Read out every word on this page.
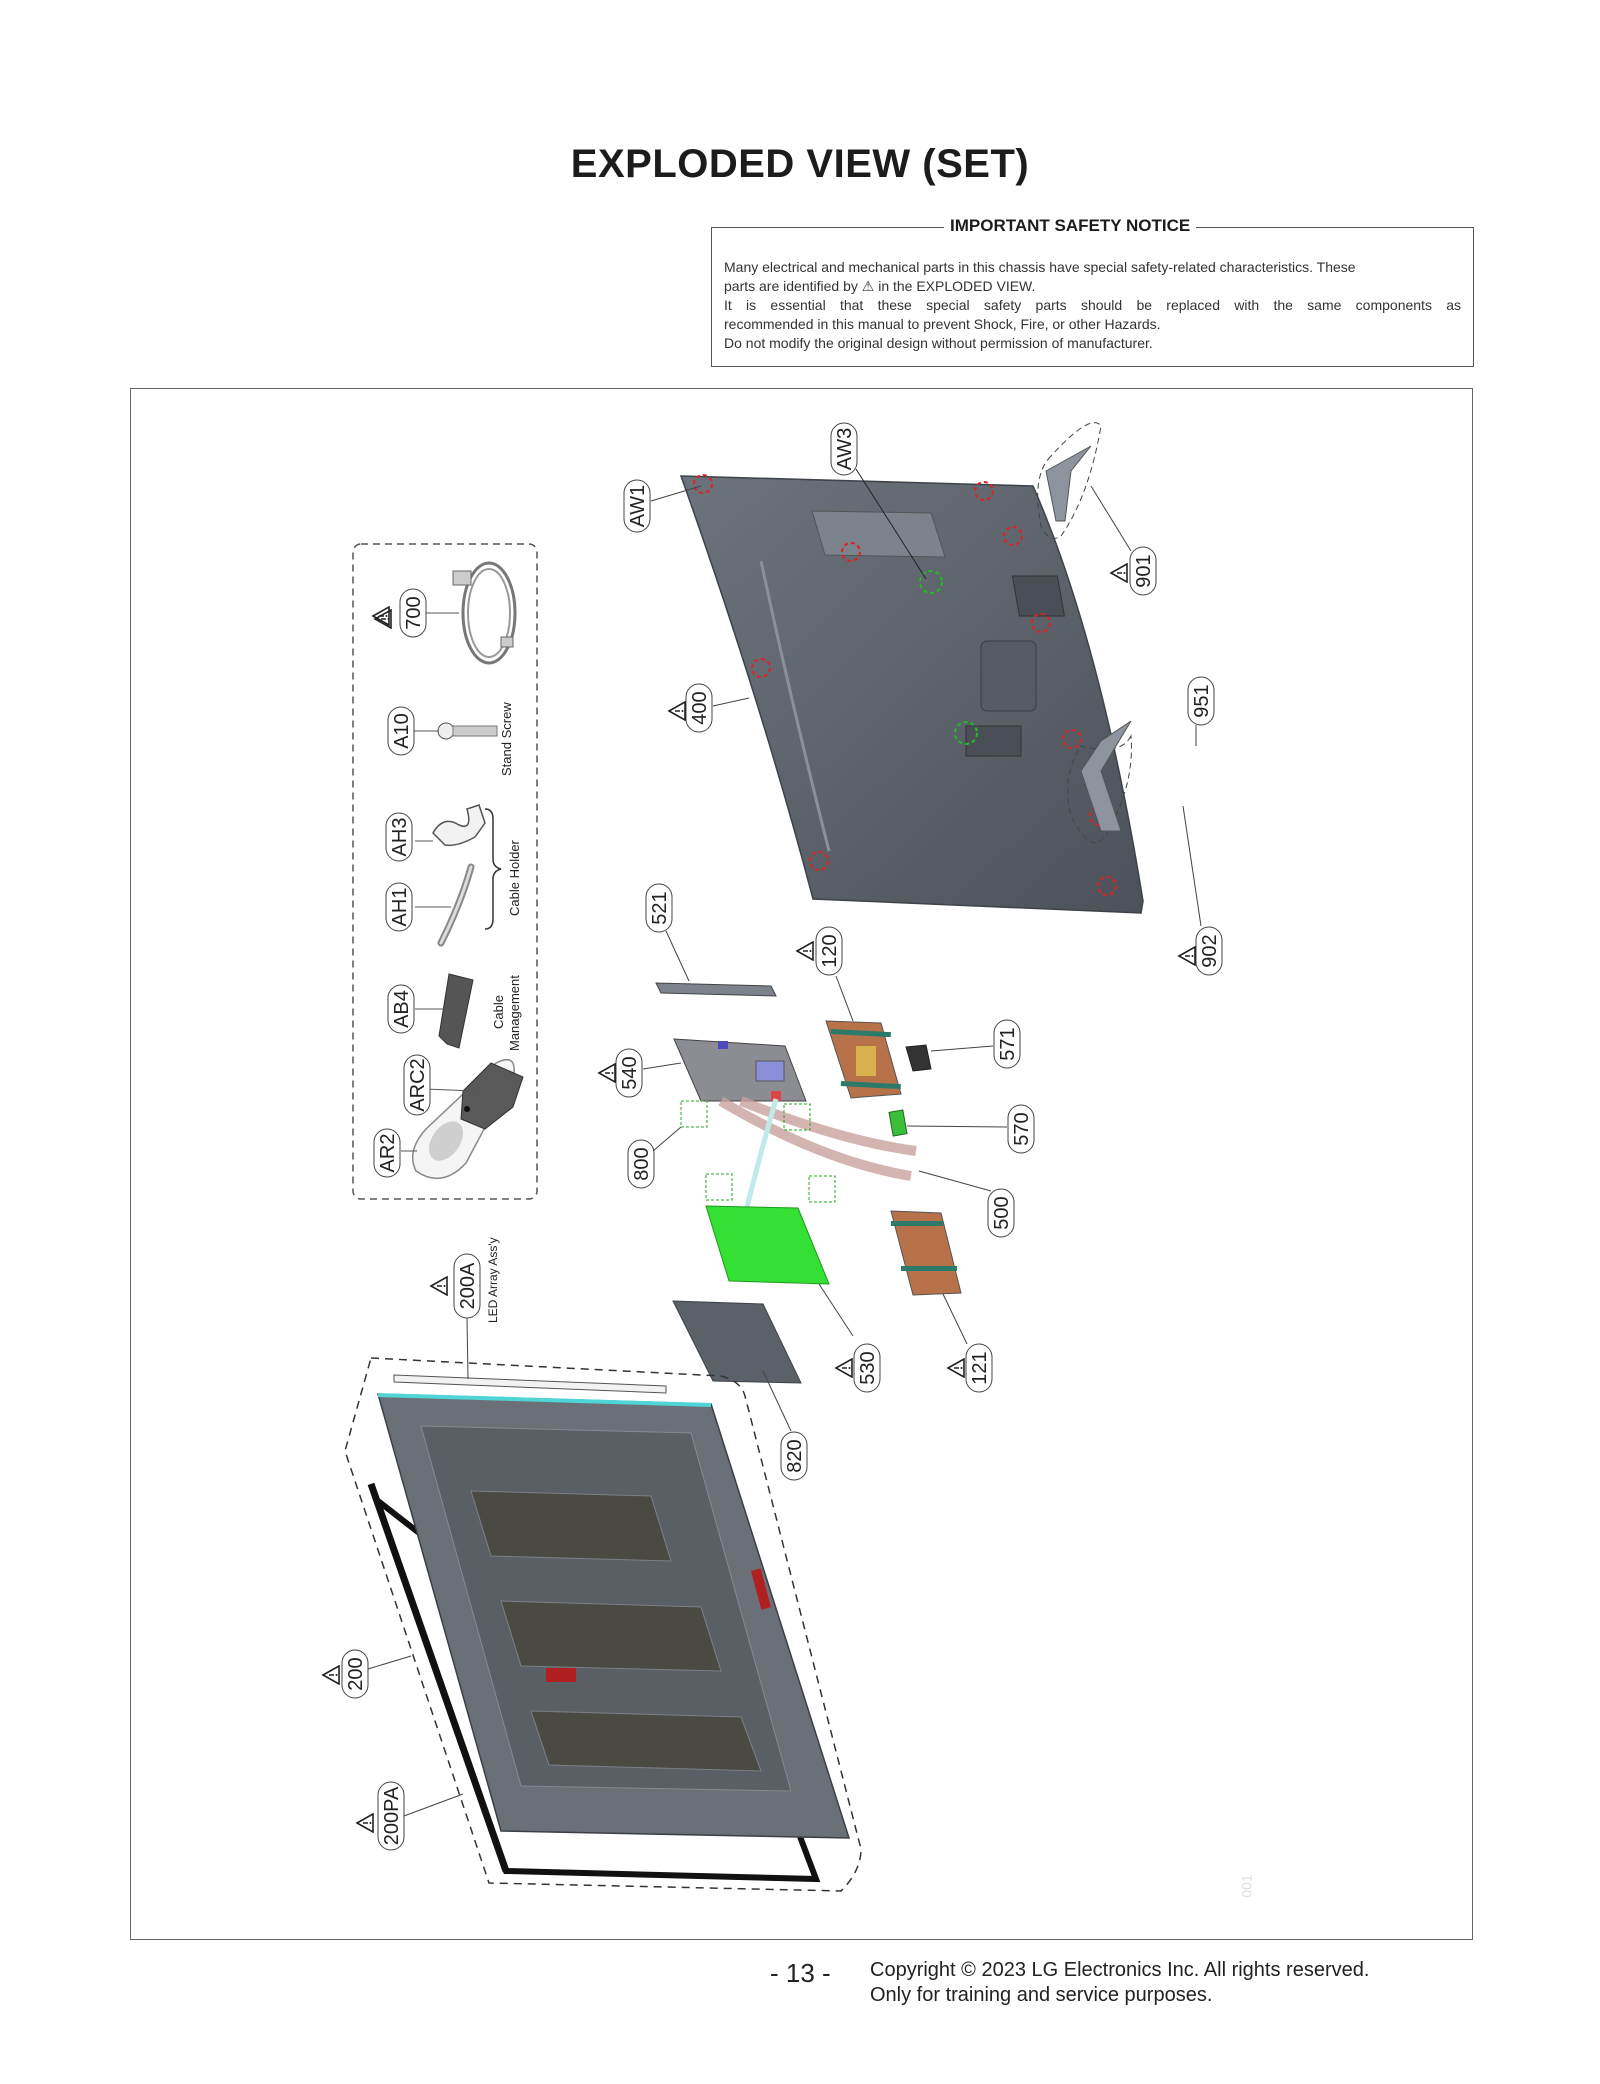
EXPLODED VIEW (SET)
IMPORTANT SAFETY NOTICE

Many electrical and mechanical parts in this chassis have special safety-related characteristics. These

parts are identified by ⚠ in the EXPLODED VIEW.

It is essential that these special safety parts should be replaced with the same components as

recommended in this manual to prevent Shock, Fire, or other Hazards.

Do not modify the original design without permission of manufacturer.

Stand Screw
Cable Holder
Cable Management
700
A10
AH3
AH1
AB4
ARC2
AR2
AW1
AW3
400
901
951
902
521
120
571
540
570
800
500
530	121
820
200A LED Array Ass'y
200
200PA
001
- 13 - Copyright © 2023 LG Electronics Inc. All rights reserved.
Only for training and service purposes.
